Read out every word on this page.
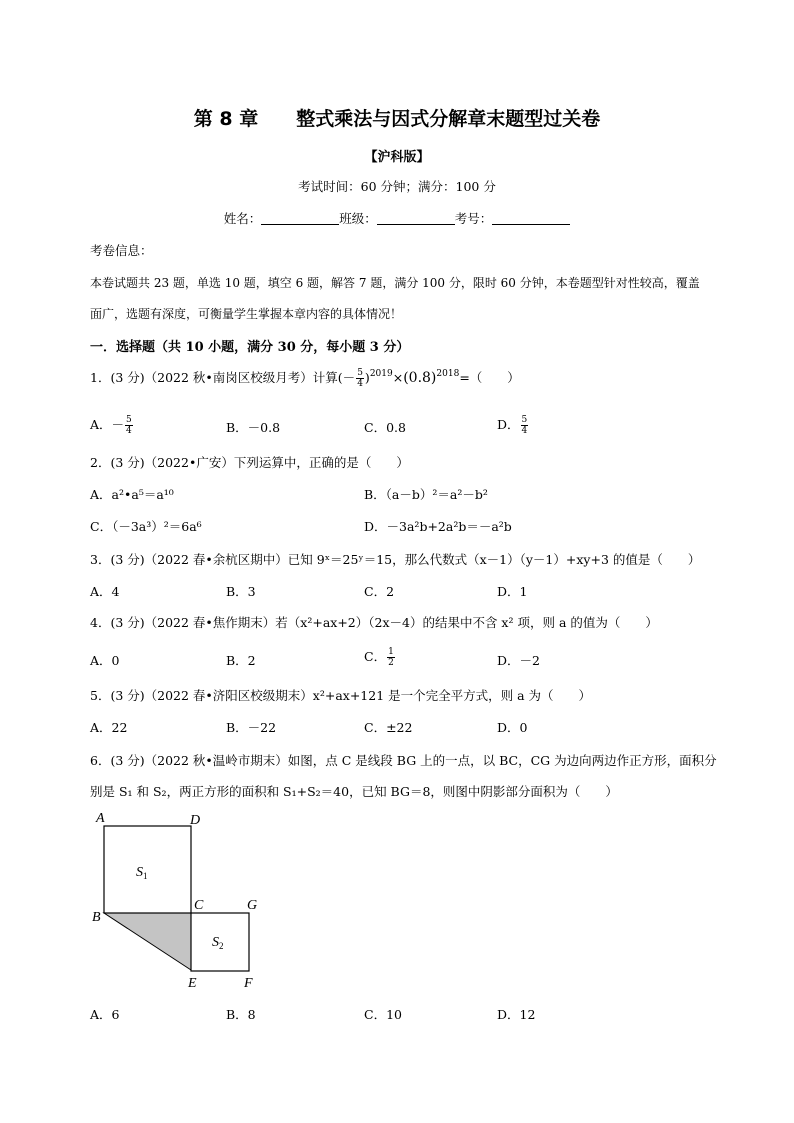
第 8 章　　整式乘法与因式分解章末题型过关卷
【沪科版】
考试时间：60 分钟；满分：100 分
姓名：	班级：	考号：
考卷信息：
本卷试题共 23 题，单选 10 题，填空 6 题，解答 7 题，满分 100 分，限时 60 分钟，本卷题型针对性较高，覆盖
面广，选题有深度，可衡量学生掌握本章内容的具体情况！
一．选择题（共 10 小题，满分 30 分，每小题 3 分）
1．(3 分)（2022 秋•南岗区校级月考）计算(－ $\frac{5}{4} )^{2019}\times(0.8)^{2018}=$（　　）
A．－ $\frac{5}{4}$	B．－0.8	C．0.8	D． $\frac{5}{4}$
2．(3 分)（2022•广安）下列运算中，正确的是（　　）
A．a²•a⁵＝a¹⁰	B．（a－b）²＝a²－b²
C．（－3a³）²＝6a⁶	D．－3a²b+2a²b＝－a²b
3．(3 分)（2022 春•余杭区期中）已知 9ˣ＝25ʸ＝15，那么代数式（x－1）（y－1）+xy+3 的值是（　　）
A．4	B．3	C．2	D．1
4．(3 分)（2022 春•焦作期末）若（x²+ax+2）（2x－4）的结果中不含 x² 项，则 a 的值为（　　）
A．0	B．2	C． $\frac{1}{2}$	D．－2
5．(3 分)（2022 春•济阳区校级期末）x²+ax+121 是一个完全平方式，则 a 为（　　）
A．22	B．－22	C．±22	D．0
6．(3 分)（2022 秋•温岭市期末）如图，点 C 是线段 BG 上的一点，以 BC，CG 为边向两边作正方形，面积分
别是 S₁ 和 S₂，两正方形的面积和 S₁+S₂＝40，已知 BG＝8，则图中阴影部分面积为（　　）
A	D
B
C	G
E	F
$S_1$
$S_2$
A．6	B．8	C．10	D．12
